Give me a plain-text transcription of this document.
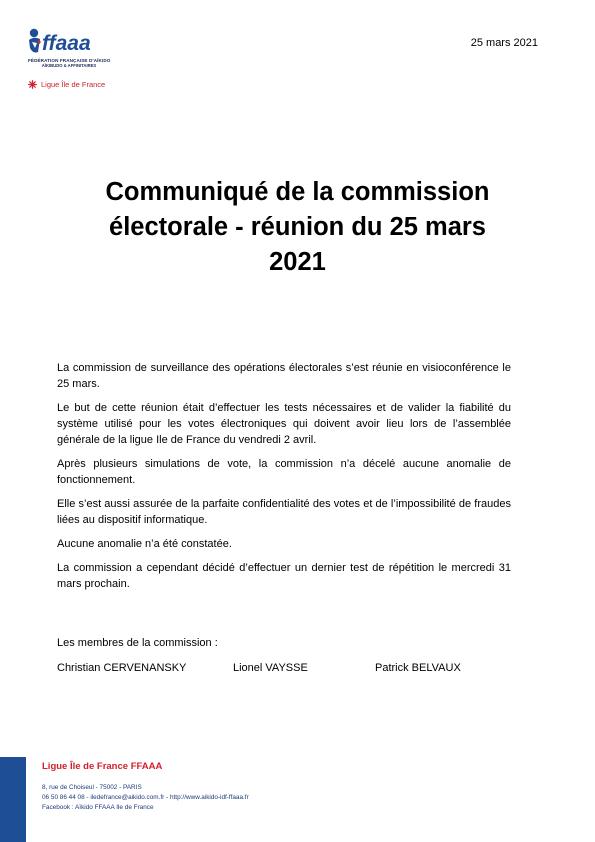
ffaaa
FÉDÉRATION FRANÇAISE D’AÏKIDO
AÏKIBUDO & AFFINITAIRES
Ligue Île de France
25 mars 2021
Communiqué de la commission
électorale - réunion du 25 mars
2021

La commission de surveillance des opérations électorales s’est réunie en visioconférence le 25 mars.

Le but de cette réunion était d’effectuer les tests nécessaires et de valider la fiabilité du système utilisé pour les votes électroniques qui doivent avoir lieu lors de l’assemblée générale de la ligue Ile de France du vendredi 2 avril.

Après plusieurs simulations de vote, la commission n’a décelé aucune anomalie de fonctionnement.

Elle s’est aussi assurée de la parfaite confidentialité des votes et de l’impossibilité de fraudes liées au dispositif informatique.

Aucune anomalie n’a été constatée.

La commission a cependant décidé d’effectuer un dernier test de répétition le mercredi 31 mars prochain.

Les membres de la commission :
Christian CERVENANSKY	Lionel VAYSSE	Patrick BELVAUX
Ligue Île de France FFAAA
8, rue de Choiseul - 75002 - PARIS
06 50 86 44 08 - iledefrance@aikido.com.fr - http://www.aikido-idf-ffaaa.fr
Facebook : Aïkido FFAAA Ile de France
